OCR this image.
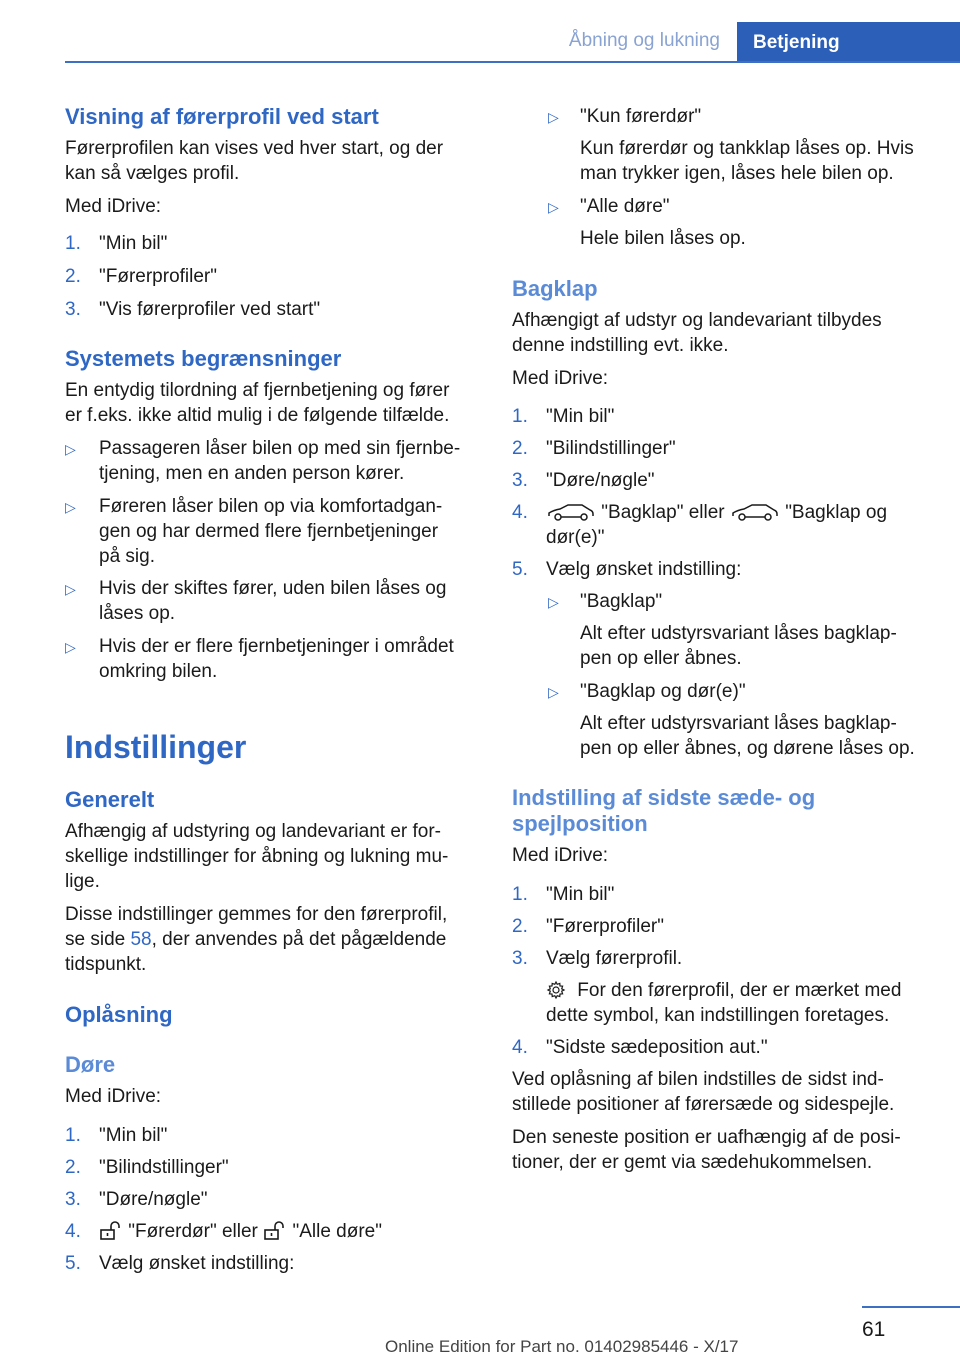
Åbning og lukning	Betjening
Visning af førerprofil ved start
Førerprofilen kan vises ved hver start, og der
kan så vælges profil.
Med iDrive:
1. "Min bil"
2. "Førerprofiler"
3. "Vis førerprofiler ved start"
Systemets begrænsninger
En entydig tilordning af fjernbetjening og fører
er f.eks. ikke altid mulig i de følgende tilfælde.
▷ Passageren låser bilen op med sin fjernbe‐
tjening, men en anden person kører.
▷ Føreren låser bilen op via komfortadgan‐
gen og har dermed flere fjernbetjeninger
på sig.
▷ Hvis der skiftes fører, uden bilen låses og
låses op.
▷ Hvis der er flere fjernbetjeninger i området
omkring bilen.
Indstillinger
Generelt
Afhængig af udstyring og landevariant er for‐
skellige indstillinger for åbning og lukning mu‐
lige.
Disse indstillinger gemmes for den førerprofil,
se side 58, der anvendes på det pågældende
tidspunkt.
Oplåsning
Døre
Med iDrive:
1. "Min bil"
2. "Bilindstillinger"
3. "Døre/nøgle"
4.	"Førerdør" eller "Alle døre"
5. Vælg ønsket indstilling:
▷ "Kun førerdør"
Kun førerdør og tankklap låses op. Hvis
man trykker igen, låses hele bilen op.
▷ "Alle døre"
Hele bilen låses op.
Bagklap
Afhængigt af udstyr og landevariant tilbydes
denne indstilling evt. ikke.
Med iDrive:
1. "Min bil"
2. "Bilindstillinger"
3. "Døre/nøgle"
4.	"Bagklap" eller	"Bagklap og
dør(e)"
5. Vælg ønsket indstilling:
▷ "Bagklap"
Alt efter udstyrsvariant låses bagklap‐
pen op eller åbnes.
▷ "Bagklap og dør(e)"
Alt efter udstyrsvariant låses bagklap‐
pen op eller åbnes, og dørene låses op.
Indstilling af sidste sæde- og
spejlposition
Med iDrive:
1. "Min bil"
2. "Førerprofiler"
3. Vælg førerprofil.
For den førerprofil, der er mærket med
dette symbol, kan indstillingen foretages.
4. "Sidste sædeposition aut."
Ved oplåsning af bilen indstilles de sidst ind‐
stillede positioner af førersæde og sidespejle.
Den seneste position er uafhængig af de posi‐
tioner, der er gemt via sædehukommelsen.
61
Online Edition for Part no. 01402985446 - X/17
